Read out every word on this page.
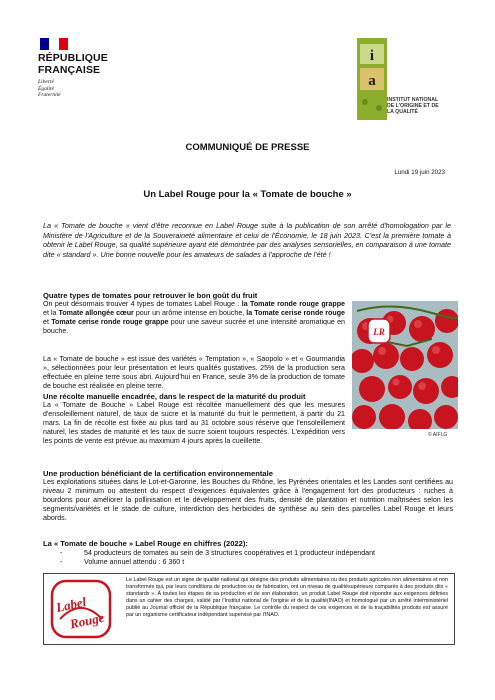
RÉPUBLIQUE
FRANÇAISE
Liberté
Égalité
Fraternité
i
a
INSTITUT NATIONAL
DE L'ORIGINE ET DE
LA QUALITÉ
COMMUNIQUÉ DE PRESSE
Lundi 19 juin 2023
Un Label Rouge pour la « Tomate de bouche »
La « Tomate de bouche » vient d'être reconnue en Label Rouge suite à la publication de son arrêté d'homologation par le Ministère de l'Agriculture et de la Souveraineté alimentaire et celui de l'Économie, le 18 juin 2023. C'est la première tomate à obtenir le Label Rouge, sa qualité supérieure ayant été démontrée par des analyses sensorielles, en comparaison à une tomate dite « standard ». Une bonne nouvelle pour les amateurs de salades à l'approche de l'été !
Quatre types de tomates pour retrouver le bon goût du fruit
On peut désormais trouver 4 types de tomates Label Rouge : la Tomate ronde rouge grappe et la Tomate allongée cœur pour un arôme intense en bouche, la Tomate cerise ronde rouge et Tomate cerise ronde rouge grappe pour une saveur sucrée et une intensité aromatique en bouche.
La « Tomate de bouche » est issue des variétés « Temptation », « Saopolo » et « Gourmandia », sélectionnées pour leur présentation et leurs qualités gustatives. 25% de la production sera effectuée en pleine terre sous abri. Aujourd'hui en France, seule 3% de la production de tomate de bouche est réalisée en pleine terre.
Une récolte manuelle encadrée, dans le respect de la maturité du produit
La « Tomate de Bouche » Label Rouge est récoltée manuellement dès que les mesures d'ensoleillement naturel, de taux de sucre et la maturité du fruit le permettent, à partir du 21 mars. La fin de récolte est fixée au plus tard au 31 octobre sous réserve que l'ensoleillement naturel, les stades de maturité et les taux de sucre soient toujours respectés. L'expédition vers les points de vente est prévue au maximum 4 jours après la cueillette.
LR
© AIFLG
Une production bénéficiant de la certification environnementale
Les exploitations situées dans le Lot-et-Garonne, les Bouches du Rhône, les Pyrénées orientales et les Landes sont certifiées au niveau 2 minimum ou attestent du respect d'exigences équivalentes grâce à l'engagement fort des producteurs : ruches à bourdons pour améliorer la pollinisation et le développement des fruits, densité de plantation et nutrition maîtrisées selon les segments/variétés et le stade de culture, interdiction des herbicides de synthèse au sein des parcelles Label Rouge et leurs abords.
La « Tomate de bouche » Label Rouge en chiffres (2022):
-	54 producteurs de tomates au sein de 3 structures coopératives et 1 producteur indépendant
-	Volume annuel attendu : 6 360 t
Label
Rouge
Le Label Rouge est un signe de qualité national qui désigne des produits alimentaires ou des produits agricoles non alimentaires et non transformés qui, par leurs conditions de production ou de fabrication, ont un niveau de qualitésupérieure comparés à des produits dits « standards ». À toutes les étapes de sa production et de son élaboration, un produit Label Rouge doit répondre aux exigences définies dans un cahier des charges, validé par l'Institut national de l'origine et de la qualité(INAO) et homologué par un arrêté interministériel publié au Journal officiel de la République française. Le contrôle du respect de ces exigences et de la traçabilités produits est assuré par un organisme certificateur indépendant supervisé par l'INAO.
